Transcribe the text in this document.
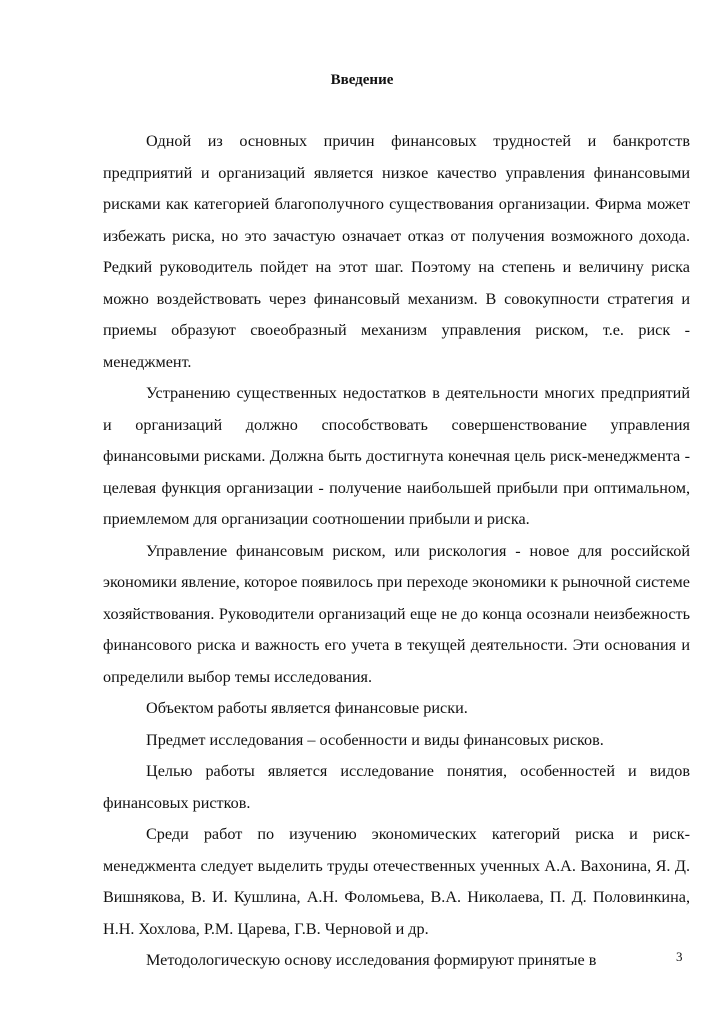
Введение

Одной из основных причин финансовых трудностей и банкротств предприятий и организаций является низкое качество управления финансовыми рисками как категорией благополучного существования организации. Фирма может избежать риска, но это зачастую означает отказ от получения возможного дохода. Редкий руководитель пойдет на этот шаг. Поэтому на степень и величину риска можно воздействовать через финансовый механизм. В совокупности стратегия и приемы образуют своеобразный механизм управления риском, т.е. риск - менеджмент.

Устранению существенных недостатков в деятельности многих предприятий и организаций должно способствовать совершенствование управления финансовыми рисками. Должна быть достигнута конечная цель риск-менеджмента - целевая функция организации - получение наибольшей прибыли при оптимальном, приемлемом для организации соотношении прибыли и риска.

Управление финансовым риском, или рискология - новое для российской экономики явление, которое появилось при переходе экономики к рыночной системе хозяйствования. Руководители организаций еще не до конца осознали неизбежность финансового риска и важность его учета в текущей деятельности. Эти основания и определили выбор темы исследования.

Объектом работы является финансовые риски.

Предмет исследования – особенности и виды финансовых рисков.

Целью работы является исследование понятия, особенностей и видов финансовых ристков.

Среди работ по изучению экономических категорий риска и риск-менеджмента следует выделить труды отечественных ученных А.А. Вахонина, Я. Д. Вишнякова, В. И. Кушлина, А.Н. Фоломьева, В.А. Николаева, П. Д. Половинкина, Н.Н. Хохлова, Р.М. Царева, Г.В. Черновой и др.

Методологическую основу исследования формируют принятые в	3
